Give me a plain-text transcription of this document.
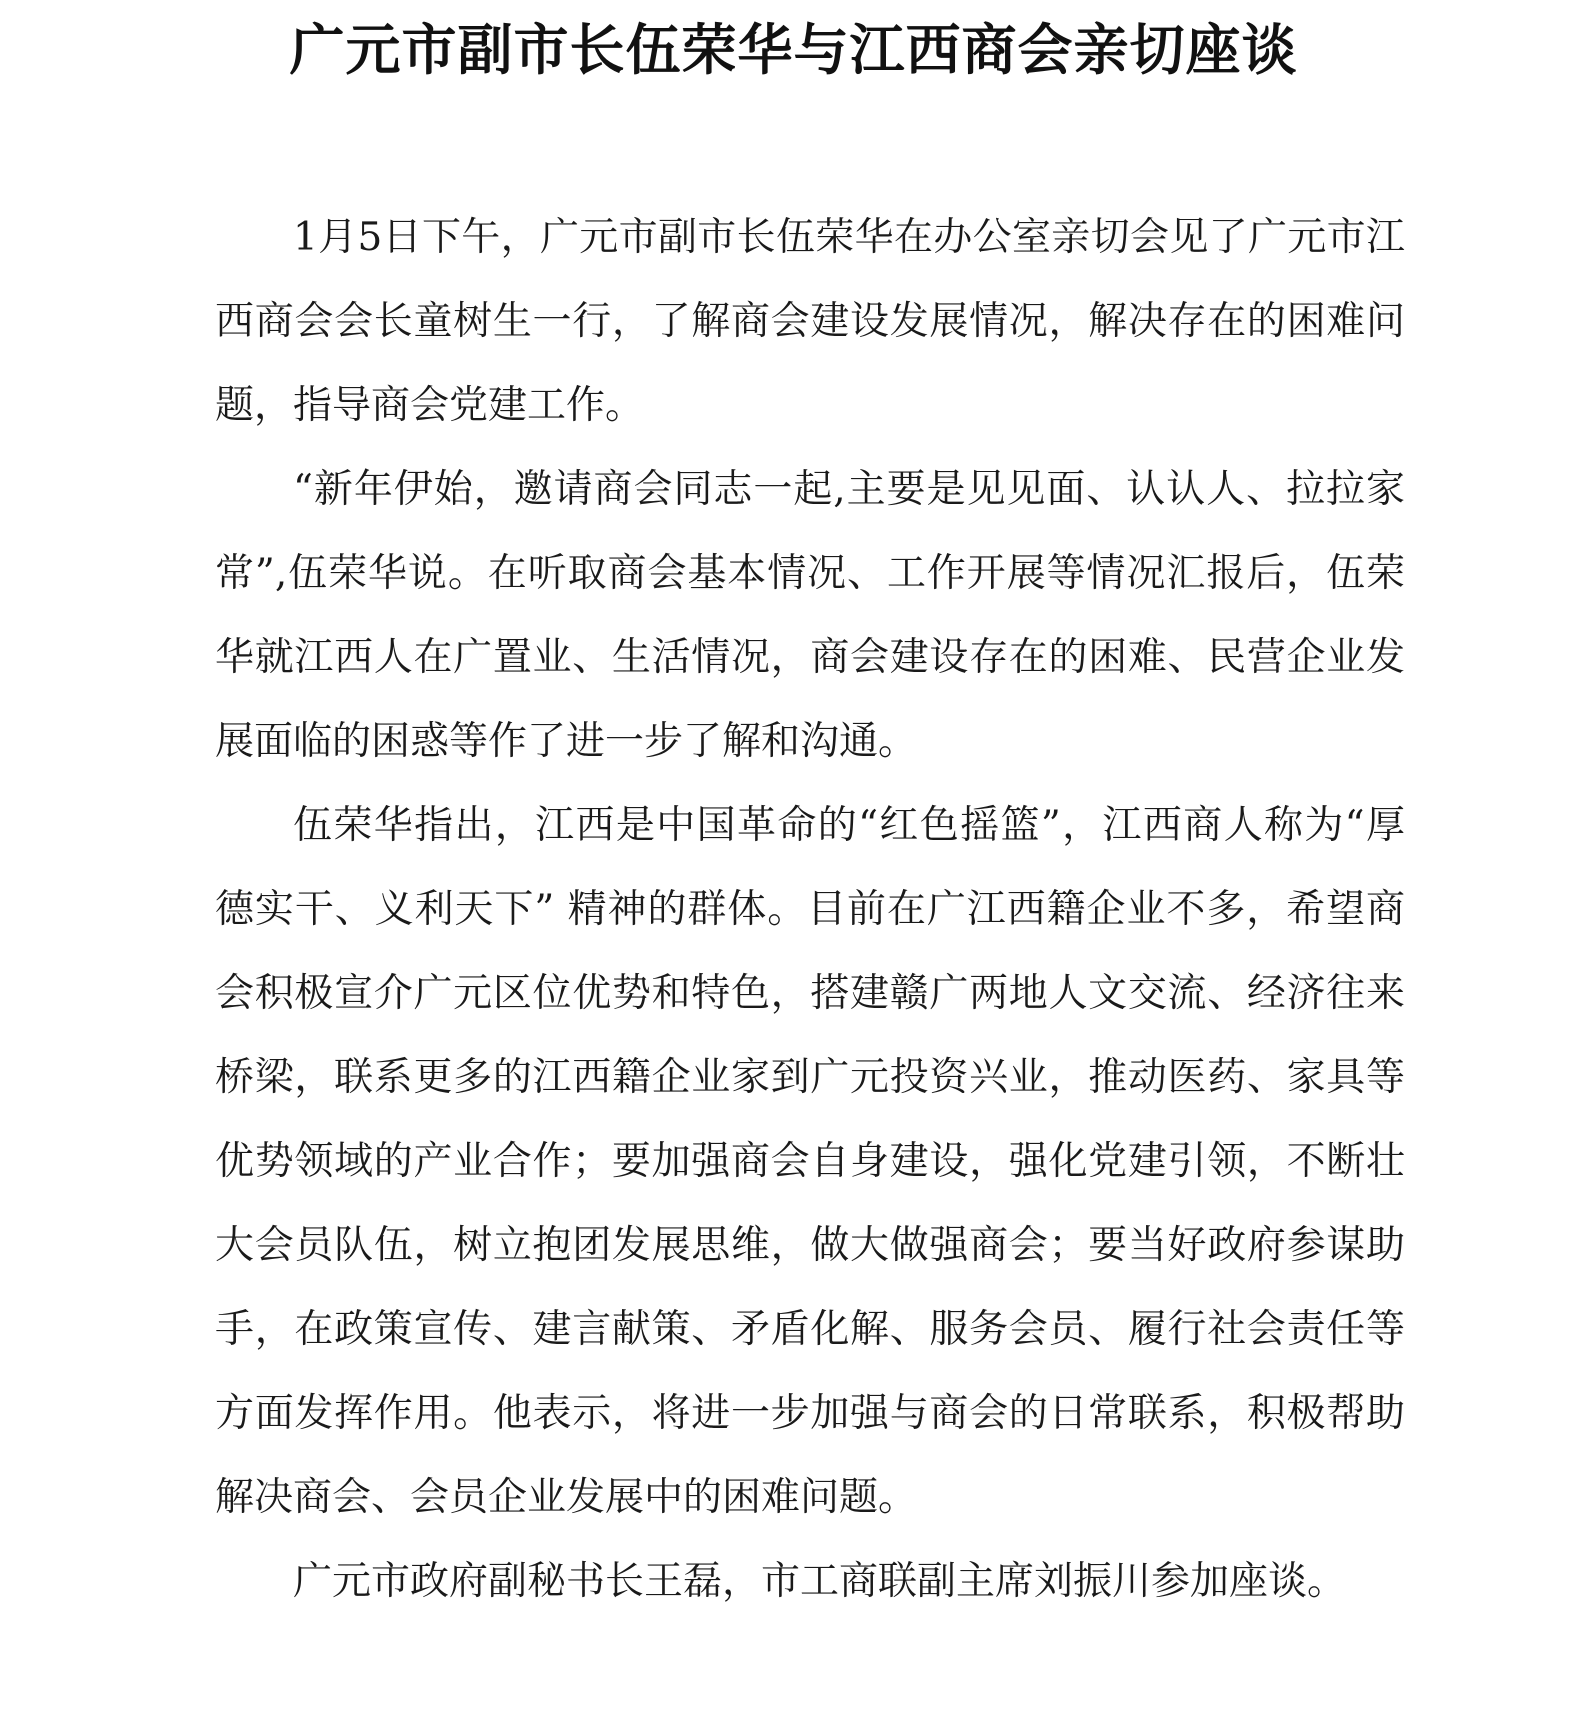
广元市副市长伍荣华与江西商会亲切座谈

1月5日下午，广元市副市长伍荣华在办公室亲切会见了广元市江西商会会长童树生一行，了解商会建设发展情况，解决存在的困难问题，指导商会党建工作。

“新年伊始，邀请商会同志一起,主要是见见面、认认人、拉拉家常”,伍荣华说。在听取商会基本情况、工作开展等情况汇报后，伍荣华就江西人在广置业、生活情况，商会建设存在的困难、民营企业发展面临的困惑等作了进一步了解和沟通。

伍荣华指出，江西是中国革命的“红色摇篮”，江西商人称为“厚德实干、义利天下” 精神的群体。目前在广江西籍企业不多，希望商会积极宣介广元区位优势和特色，搭建赣广两地人文交流、经济往来桥梁，联系更多的江西籍企业家到广元投资兴业，推动医药、家具等优势领域的产业合作；要加强商会自身建设，强化党建引领，不断壮大会员队伍，树立抱团发展思维，做大做强商会；要当好政府参谋助手，在政策宣传、建言献策、矛盾化解、服务会员、履行社会责任等方面发挥作用。他表示，将进一步加强与商会的日常联系，积极帮助解决商会、会员企业发展中的困难问题。

广元市政府副秘书长王磊，市工商联副主席刘振川参加座谈。
